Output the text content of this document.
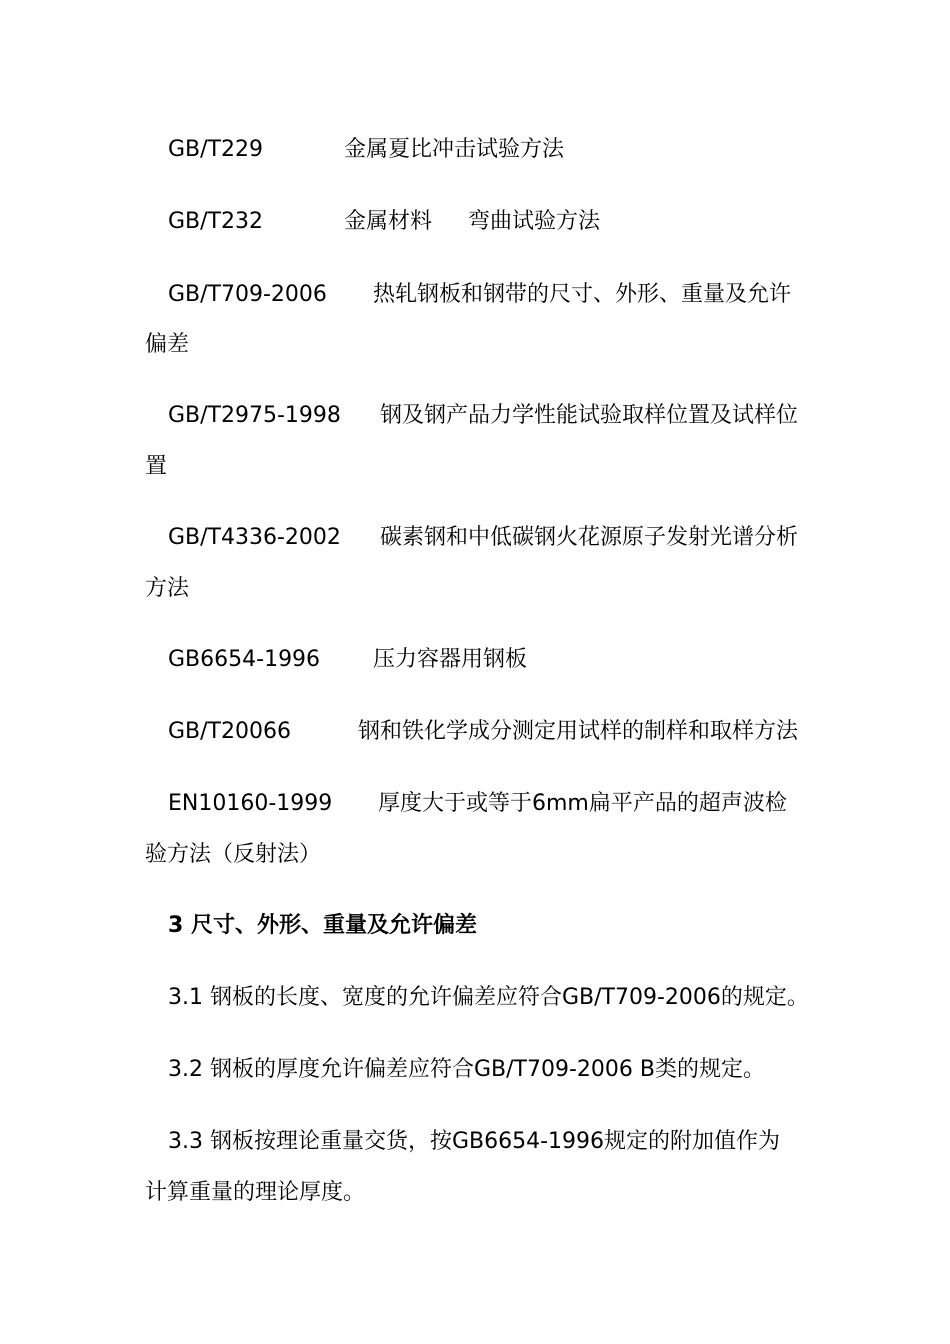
GB/T229	金属夏比冲击试验方法
GB/T232	金属材料 弯曲试验方法
GB/T709-2006 热轧钢板和钢带的尺寸、外形、重量及允许
偏差
GB/T2975-1998 钢及钢产品力学性能试验取样位置及试样位
置
GB/T4336-2002 碳素钢和中低碳钢火花源原子发射光谱分析
方法
GB6654-1996 压力容器用钢板
GB/T20066	钢和铁化学成分测定用试样的制样和取样方法
EN10160-1999 厚度大于或等于6mm扁平产品的超声波检
验方法（反射法）
3 尺寸、外形、重量及允许偏差
3.1 钢板的长度、宽度的允许偏差应符合GB/T709-2006的规定。
3.2 钢板的厚度允许偏差应符合GB/T709-2006 B类的规定。
3.3 钢板按理论重量交货，按GB6654-1996规定的附加值作为
计算重量的理论厚度。
